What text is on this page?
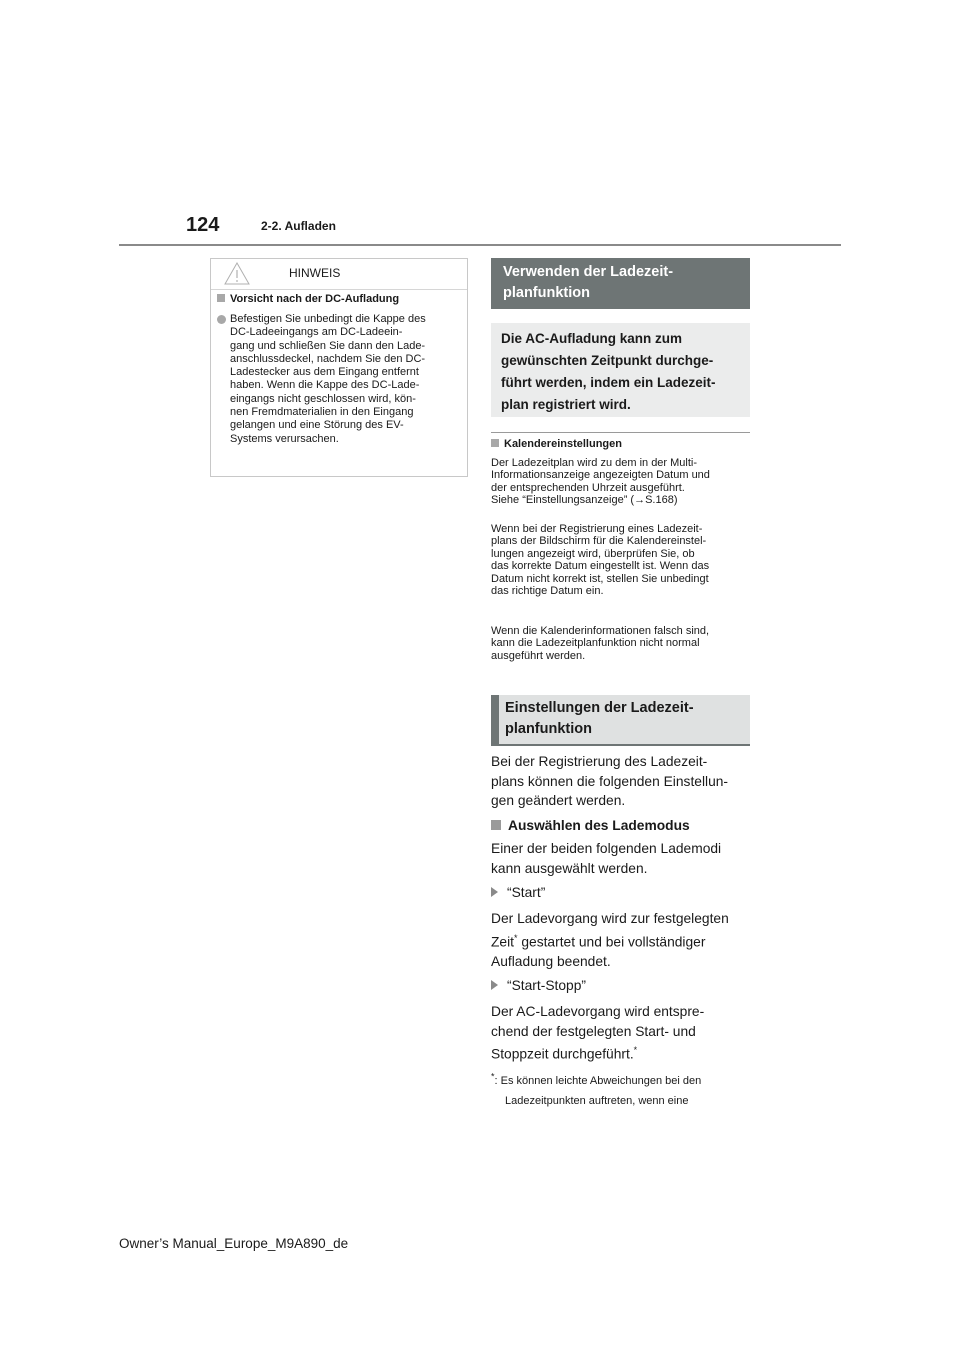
124	2-2. Aufladen
HINWEIS
Vorsicht nach der DC-Aufladung
Befestigen Sie unbedingt die Kappe des
DC-Ladeeingangs am DC-Ladeein-
gang und schließen Sie dann den Lade-
anschlussdeckel, nachdem Sie den DC-
Ladestecker aus dem Eingang entfernt
haben. Wenn die Kappe des DC-Lade-
eingangs nicht geschlossen wird, kön-
nen Fremdmaterialien in den Eingang
gelangen und eine Störung des EV-
Systems verursachen.
Verwenden der Ladezeit-
planfunktion
Die AC-Aufladung kann zum
gewünschten Zeitpunkt durchge-
führt werden, indem ein Ladezeit-
plan registriert wird.
Kalendereinstellungen
Der Ladezeitplan wird zu dem in der Multi-
Informationsanzeige angezeigten Datum und
der entsprechenden Uhrzeit ausgeführt.
Siehe “Einstellungsanzeige” (→S.168)
Wenn bei der Registrierung eines Ladezeit-
plans der Bildschirm für die Kalendereinstel-
lungen angezeigt wird, überprüfen Sie, ob
das korrekte Datum eingestellt ist. Wenn das
Datum nicht korrekt ist, stellen Sie unbedingt
das richtige Datum ein.
Wenn die Kalenderinformationen falsch sind,
kann die Ladezeitplanfunktion nicht normal
ausgeführt werden.
Einstellungen der Ladezeit-
planfunktion
Bei der Registrierung des Ladezeit-
plans können die folgenden Einstellun-
gen geändert werden.
Auswählen des Lademodus
Einer der beiden folgenden Lademodi
kann ausgewählt werden.
“Start”
Der Ladevorgang wird zur festgelegten
Zeit* gestartet und bei vollständiger
Aufladung beendet.
“Start-Stopp”
Der AC-Ladevorgang wird entspre-
chend der festgelegten Start- und
Stoppzeit durchgeführt.*
*: Es können leichte Abweichungen bei den
Ladezeitpunkten auftreten, wenn eine
Owner’s Manual_Europe_M9A890_de
